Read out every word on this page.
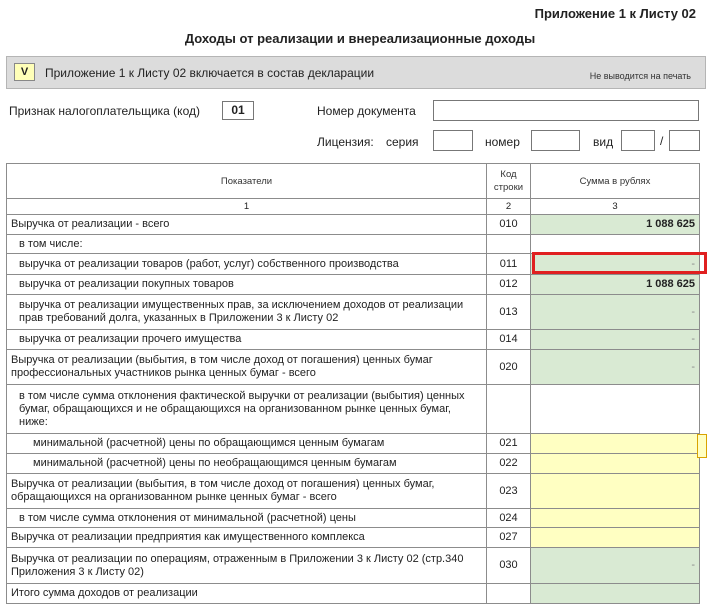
Приложение 1 к Листу 02
Доходы от реализации и внереализационные доходы
V	Приложение 1 к Листу 02 включается в состав декларации	Не выводится на печать
Признак налогоплательщика (код)	01	Номер документа
Лицензия: серия	номер	вид	/
Показатели	Код строки	Сумма в рублях
1	2	3
Выручка от реализации - всего	010	1 088 625
в том числе:		
выручка от реализации товаров (работ, услуг) собственного производства	011	-
выручка от реализации покупных товаров	012	1 088 625
выручка от реализации имущественных прав, за исключением доходов от реализации прав требований долга, указанных в Приложении 3 к Листу 02	013	-
выручка от реализации прочего имущества	014	-
Выручка от реализации (выбытия, в том числе доход от погашения) ценных бумаг профессиональных участников рынка ценных бумаг - всего	020	-
в том числе сумма отклонения фактической выручки от реализации (выбытия) ценных бумаг, обращающихся и не обращающихся на организованном рынке ценных бумаг, ниже:		
минимальной (расчетной) цены по обращающимся ценным бумагам	021	
минимальной (расчетной) цены по необращающимся ценным бумагам	022	
Выручка от реализации (выбытия, в том числе доход от погашения) ценных бумаг, обращающихся на организованном рынке ценных бумаг - всего	023	
в том числе сумма отклонения от минимальной (расчетной) цены	024	
Выручка от реализации предприятия как имущественного комплекса	027	
Выручка от реализации по операциям, отраженным в Приложении 3 к Листу 02 (стр.340 Приложения 3 к Листу 02)	030	-
Итого сумма доходов от реализации		
